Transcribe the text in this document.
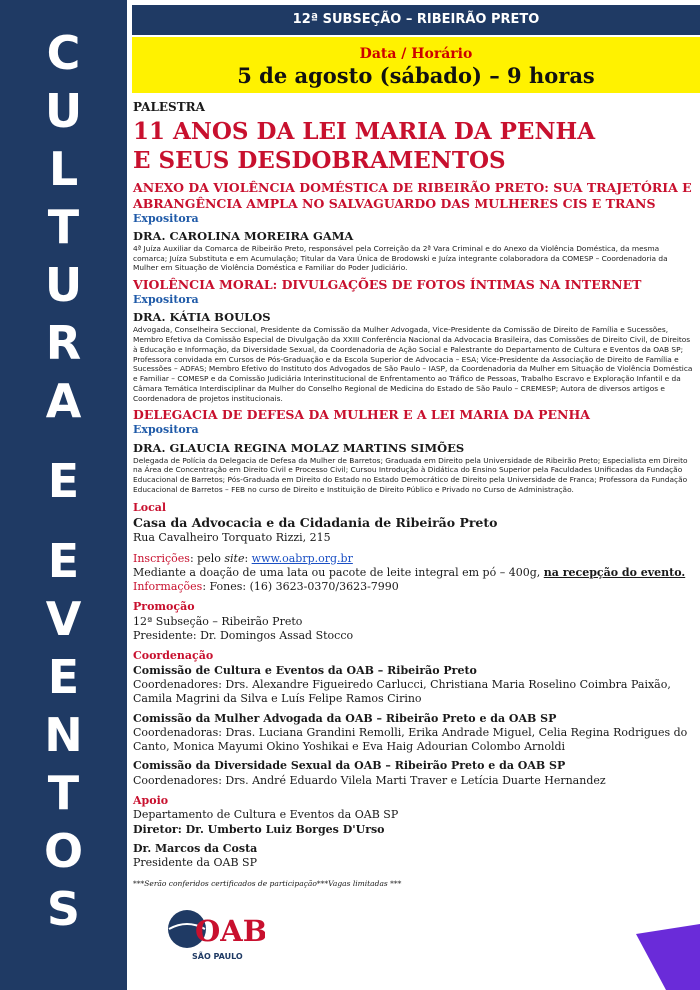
C
U
L
T
U
R
A
E
E
V
E
N
T
O
S
12ª SUBSEÇÃO – RIBEIRÃO PRETO
Data / Horário
5 de agosto (sábado) – 9 horas
PALESTRA
11 ANOS DA LEI MARIA DA PENHA
E SEUS DESDOBRAMENTOS
ANEXO DA VIOLÊNCIA DOMÉSTICA DE RIBEIRÃO PRETO: SUA TRAJETÓRIA E ABRANGÊNCIA AMPLA NO SALVAGUARDO DAS MULHERES CIS E TRANS
Expositora
DRA. CAROLINA MOREIRA GAMA
4ª Juíza Auxiliar da Comarca de Ribeirão Preto, responsável pela Correição da 2ª Vara Criminal e do Anexo da Violência Doméstica, da mesma comarca; Juíza Substituta e em Acumulação; Titular da Vara Única de Brodowski e Juíza integrante colaboradora da COMESP – Coordenadoria da Mulher em Situação de Violência Doméstica e Familiar do Poder Judiciário.
VIOLÊNCIA MORAL: DIVULGAÇÕES DE FOTOS ÍNTIMAS NA INTERNET
Expositora
DRA. KÁTIA BOULOS
Advogada, Conselheira Seccional, Presidente da Comissão da Mulher Advogada, Vice-Presidente da Comissão de Direito de Família e Sucessões, Membro Efetiva da Comissão Especial de Divulgação da XXIII Conferência Nacional da Advocacia Brasileira, das Comissões de Direito Civil, de Direitos à Educação e Informação, da Diversidade Sexual, da Coordenadoria de Ação Social e Palestrante do Departamento de Cultura e Eventos da OAB SP; Professora convidada em Cursos de Pós-Graduação e da Escola Superior de Advocacia – ESA; Vice-Presidente da Associação de Direito de Família e Sucessões – ADFAS; Membro Efetivo do Instituto dos Advogados de São Paulo – IASP, da Coordenadoria da Mulher em Situação de Violência Doméstica e Familiar – COMESP e da Comissão Judiciária Interinstitucional de Enfrentamento ao Tráfico de Pessoas, Trabalho Escravo e Exploração Infantil e da Câmara Temática Interdisciplinar da Mulher do Conselho Regional de Medicina do Estado de São Paulo – CREMESP; Autora de diversos artigos e Coordenadora de projetos institucionais.
DELEGACIA DE DEFESA DA MULHER E A LEI MARIA DA PENHA
Expositora
DRA. GLAUCIA REGINA MOLAZ MARTINS SIMÕES
Delegada de Polícia da Delegacia de Defesa da Mulher de Barretos; Graduada em Direito pela Universidade de Ribeirão Preto; Especialista em Direito na Área de Concentração em Direito Civil e Processo Civil; Cursou Introdução à Didática do Ensino Superior pela Faculdades Unificadas da Fundação Educacional de Barretos; Pós-Graduada em Direito do Estado no Estado Democrático de Direito pela Universidade de Franca; Professora da Fundação Educacional de Barretos – FEB no curso de Direito e Instituição de Direito Público e Privado no Curso de Administração.
Local
Casa da Advocacia e da Cidadania de Ribeirão Preto
Rua Cavalheiro Torquato Rizzi, 215
Inscrições: pelo site: www.oabrp.org.br
Mediante a doação de uma lata ou pacote de leite integral em pó – 400g, na recepção do evento.
Informações: Fones: (16) 3623-0370/3623-7990
Promoção
12ª Subseção – Ribeirão Preto
Presidente: Dr. Domingos Assad Stocco
Coordenação
Comissão de Cultura e Eventos da OAB – Ribeirão Preto
Coordenadores: Drs. Alexandre Figueiredo Carlucci, Christiana Maria Roselino Coimbra Paixão, Camila Magrini da Silva e Luís Felipe Ramos Cirino
Comissão da Mulher Advogada da OAB – Ribeirão Preto e da OAB SP
Coordenadoras: Dras. Luciana Grandini Remolli, Erika Andrade Miguel, Celia Regina Rodrigues do Canto, Monica Mayumi Okino Yoshikai e Eva Haig Adourian Colombo Arnoldi
Comissão da Diversidade Sexual da OAB – Ribeirão Preto e da OAB SP
Coordenadores: Drs. André Eduardo Vilela Marti Traver e Letícia Duarte Hernandez
Apoio
Departamento de Cultura e Eventos da OAB SP
Diretor: Dr. Umberto Luiz Borges D'Urso
Dr. Marcos da Costa
Presidente da OAB SP
***Serão conferidos certificados de participação***Vagas limitadas ***
OAB
SÃO PAULO
